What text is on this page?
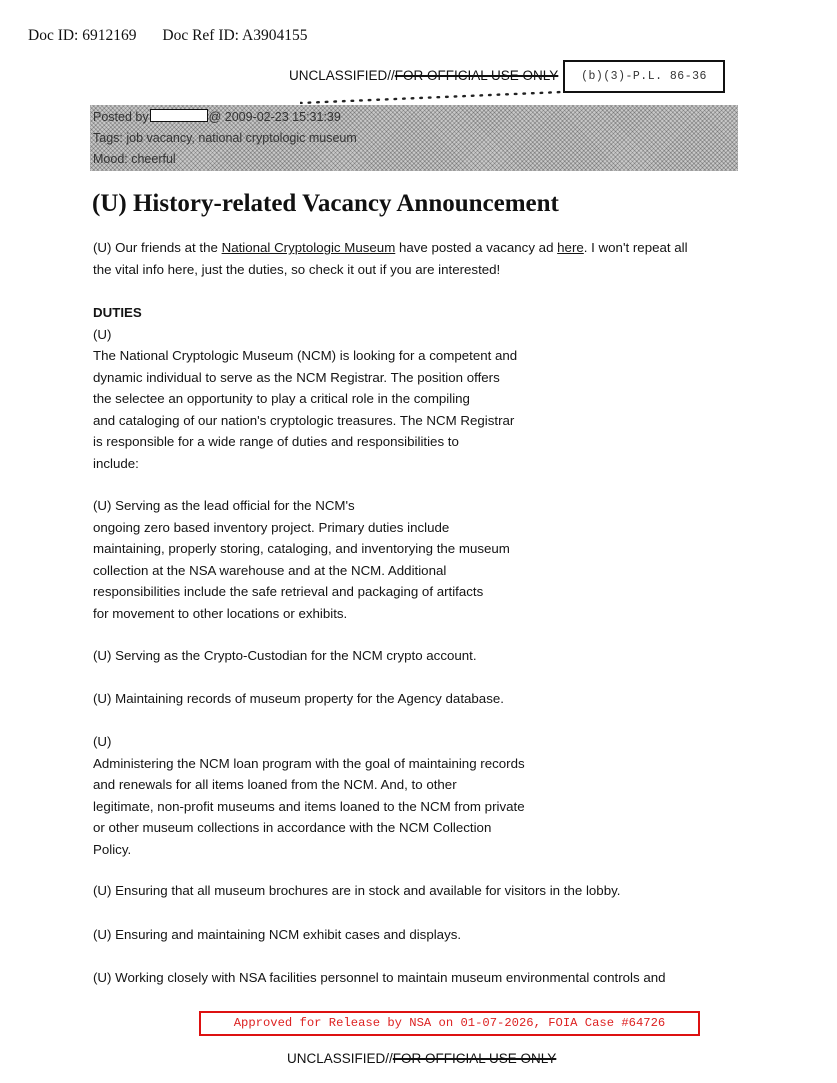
Doc ID: 6912169 Doc Ref ID: A3904155
UNCLASSIFIED//FOR OFFICIAL USE ONLY	(b)(3)-P.L. 86-36
Posted by	@ 2009-02-23 15:31:39
Tags: job vacancy, national cryptologic museum
Mood: cheerful
(U) History-related Vacancy Announcement
(U) Our friends at the National Cryptologic Museum have posted a vacancy ad here. I won't repeat all
the vital info here, just the duties, so check it out if you are interested!
DUTIES
(U)
The National Cryptologic Museum (NCM) is looking for a competent and
dynamic individual to serve as the NCM Registrar. The position offers
the selectee an opportunity to play a critical role in the compiling
and cataloging of our nation's cryptologic treasures. The NCM Registrar
is responsible for a wide range of duties and responsibilities to
include:
(U) Serving as the lead official for the NCM's
ongoing zero based inventory project. Primary duties include
maintaining, properly storing, cataloging, and inventorying the museum
collection at the NSA warehouse and at the NCM. Additional
responsibilities include the safe retrieval and packaging of artifacts
for movement to other locations or exhibits.
(U) Serving as the Crypto-Custodian for the NCM crypto account.
(U) Maintaining records of museum property for the Agency database.
(U)
Administering the NCM loan program with the goal of maintaining records
and renewals for all items loaned from the NCM. And, to other
legitimate, non-profit museums and items loaned to the NCM from private
or other museum collections in accordance with the NCM Collection
Policy.
(U) Ensuring that all museum brochures are in stock and available for visitors in the lobby.
(U) Ensuring and maintaining NCM exhibit cases and displays.
(U) Working closely with NSA facilities personnel to maintain museum environmental controls and
Approved for Release by NSA on 01-07-2026, FOIA Case #64726
UNCLASSIFIED//FOR OFFICIAL USE ONLY
